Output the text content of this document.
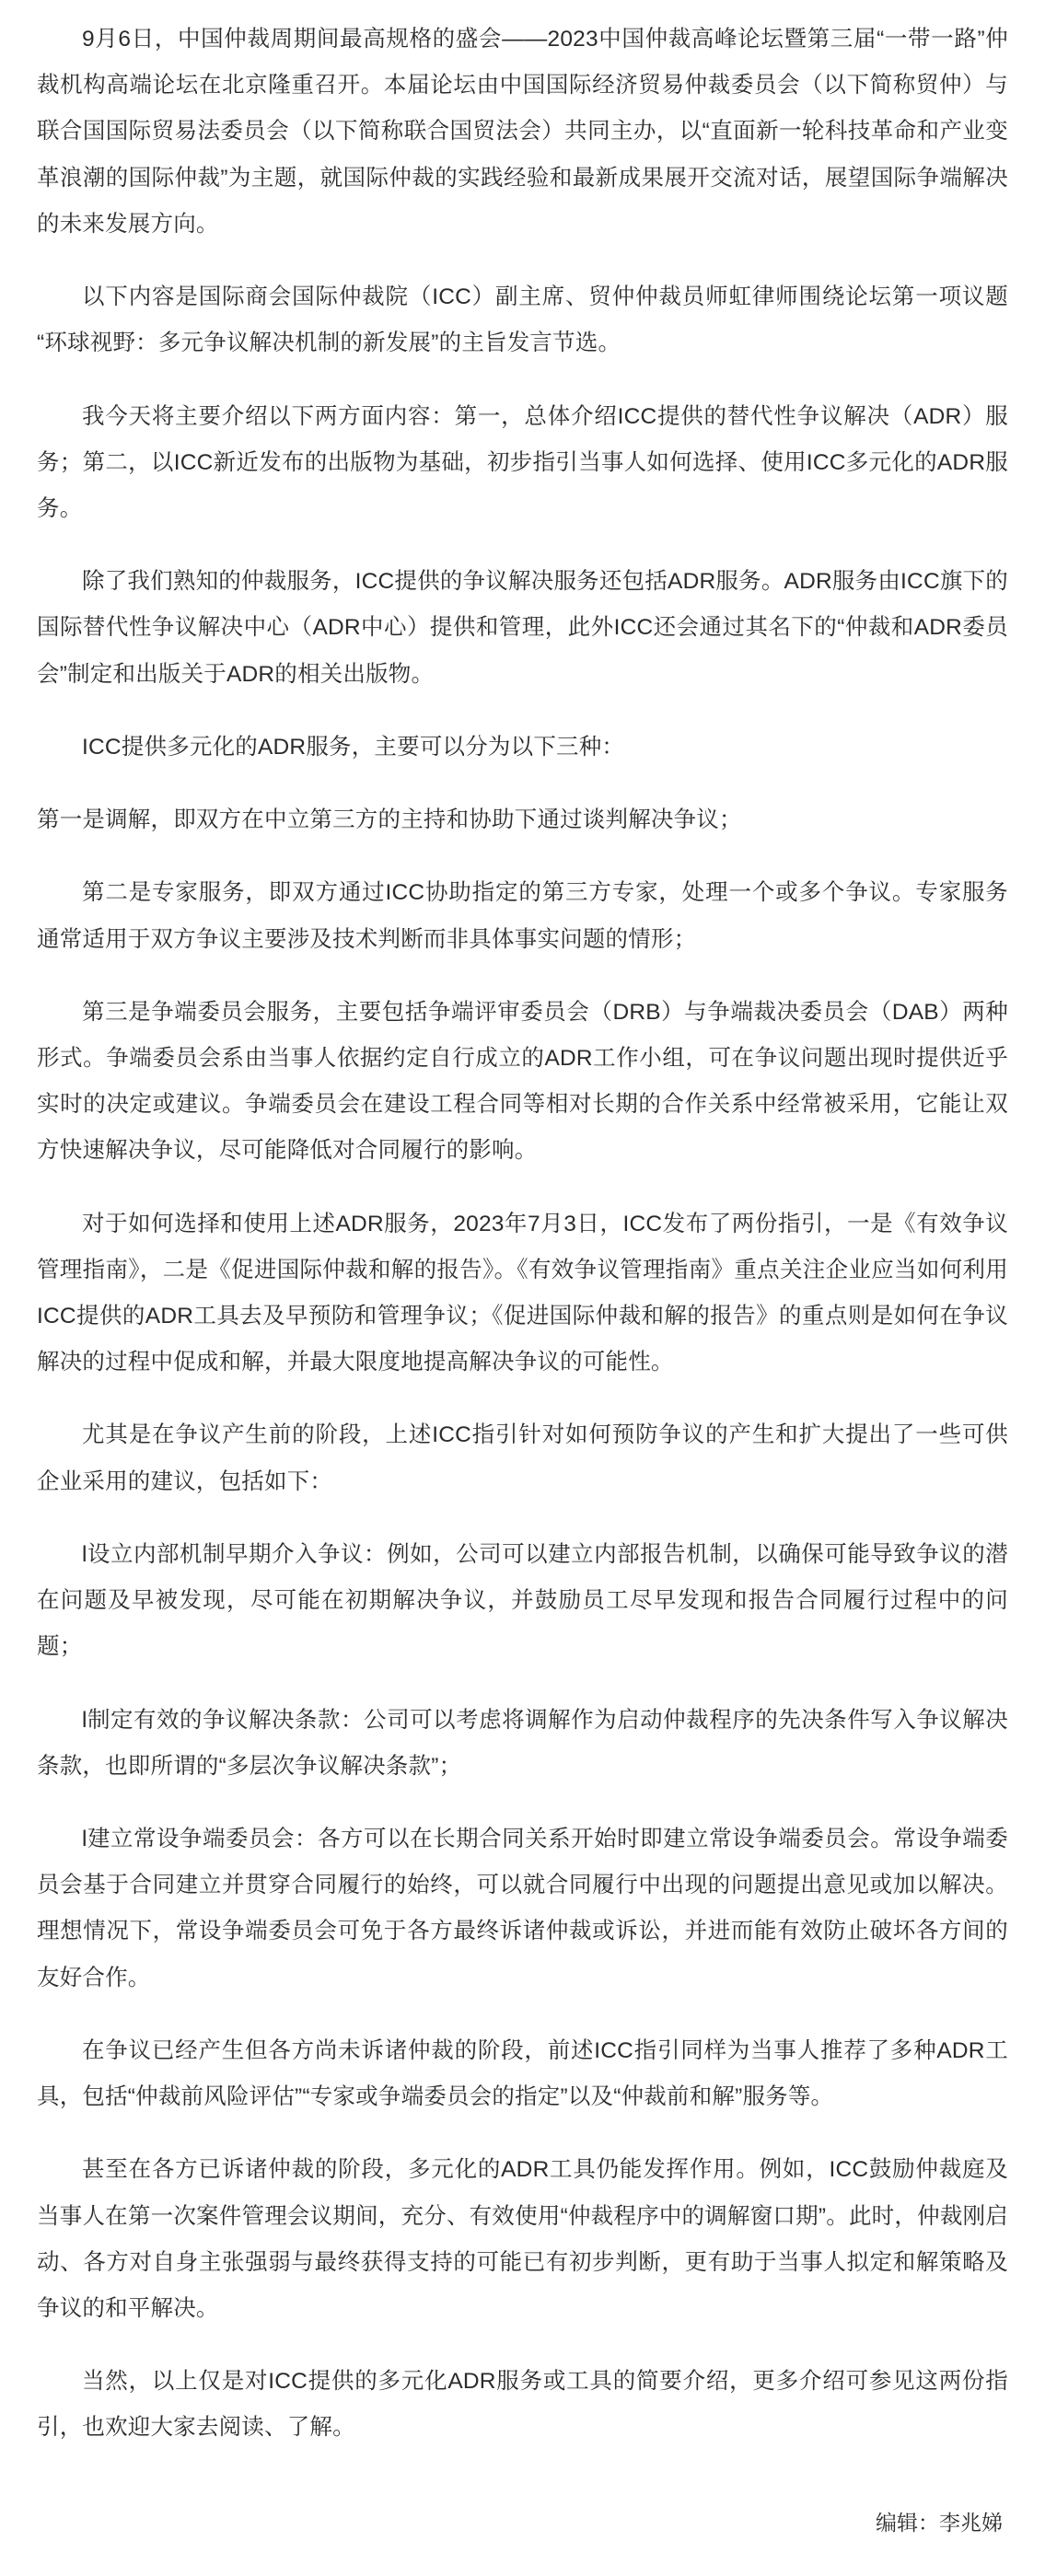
9月6日，中国仲裁周期间最高规格的盛会——2023中国仲裁高峰论坛暨第三届“一带一路”仲裁机构高端论坛在北京隆重召开。本届论坛由中国国际经济贸易仲裁委员会（以下简称贸仲）与联合国国际贸易法委员会（以下简称联合国贸法会）共同主办，以“直面新一轮科技革命和产业变革浪潮的国际仲裁”为主题，就国际仲裁的实践经验和最新成果展开交流对话，展望国际争端解决的未来发展方向。

以下内容是国际商会国际仲裁院（ICC）副主席、贸仲仲裁员师虹律师围绕论坛第一项议题“环球视野：多元争议解决机制的新发展”的主旨发言节选。

我今天将主要介绍以下两方面内容：第一，总体介绍ICC提供的替代性争议解决（ADR）服务；第二，以ICC新近发布的出版物为基础，初步指引当事人如何选择、使用ICC多元化的ADR服务。

除了我们熟知的仲裁服务，ICC提供的争议解决服务还包括ADR服务。ADR服务由ICC旗下的国际替代性争议解决中心（ADR中心）提供和管理，此外ICC还会通过其名下的“仲裁和ADR委员会”制定和出版关于ADR的相关出版物。

ICC提供多元化的ADR服务，主要可以分为以下三种：

第一是调解，即双方在中立第三方的主持和协助下通过谈判解决争议；

第二是专家服务，即双方通过ICC协助指定的第三方专家，处理一个或多个争议。专家服务通常适用于双方争议主要涉及技术判断而非具体事实问题的情形；

第三是争端委员会服务，主要包括争端评审委员会（DRB）与争端裁决委员会（DAB）两种形式。争端委员会系由当事人依据约定自行成立的ADR工作小组，可在争议问题出现时提供近乎实时的决定或建议。争端委员会在建设工程合同等相对长期的合作关系中经常被采用，它能让双方快速解决争议，尽可能降低对合同履行的影响。

对于如何选择和使用上述ADR服务，2023年7月3日，ICC发布了两份指引，一是《有效争议管理指南》，二是《促进国际仲裁和解的报告》。《有效争议管理指南》重点关注企业应当如何利用ICC提供的ADR工具去及早预防和管理争议；《促进国际仲裁和解的报告》的重点则是如何在争议解决的过程中促成和解，并最大限度地提高解决争议的可能性。

尤其是在争议产生前的阶段，上述ICC指引针对如何预防争议的产生和扩大提出了一些可供企业采用的建议，包括如下：

l设立内部机制早期介入争议：例如，公司可以建立内部报告机制，以确保可能导致争议的潜在问题及早被发现，尽可能在初期解决争议，并鼓励员工尽早发现和报告合同履行过程中的问题；

l制定有效的争议解决条款：公司可以考虑将调解作为启动仲裁程序的先决条件写入争议解决条款，也即所谓的“多层次争议解决条款”；

l建立常设争端委员会：各方可以在长期合同关系开始时即建立常设争端委员会。常设争端委员会基于合同建立并贯穿合同履行的始终，可以就合同履行中出现的问题提出意见或加以解决。理想情况下，常设争端委员会可免于各方最终诉诸仲裁或诉讼，并进而能有效防止破坏各方间的友好合作。

在争议已经产生但各方尚未诉诸仲裁的阶段，前述ICC指引同样为当事人推荐了多种ADR工具，包括“仲裁前风险评估”“专家或争端委员会的指定”以及“仲裁前和解”服务等。

甚至在各方已诉诸仲裁的阶段，多元化的ADR工具仍能发挥作用。例如，ICC鼓励仲裁庭及当事人在第一次案件管理会议期间，充分、有效使用“仲裁程序中的调解窗口期”。此时，仲裁刚启动、各方对自身主张强弱与最终获得支持的可能已有初步判断，更有助于当事人拟定和解策略及争议的和平解决。

当然，以上仅是对ICC提供的多元化ADR服务或工具的简要介绍，更多介绍可参见这两份指引，也欢迎大家去阅读、了解。

编辑：李兆娣
